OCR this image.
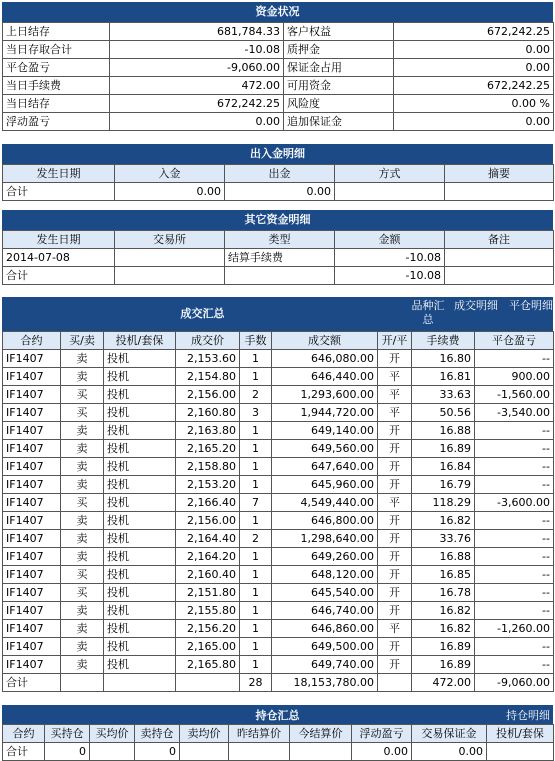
资金状况
上日结存	681,784.33	客户权益	672,242.25
当日存取合计	-10.08	质押金	0.00
平仓盈亏	-9,060.00	保证金占用	0.00
当日手续费	472.00	可用资金	672,242.25
当日结存	672,242.25	风险度	0.00 %
浮动盈亏	0.00	追加保证金	0.00
出入金明细
发生日期	入金	出金	方式	摘要
合计	0.00	0.00		
其它资金明细
发生日期	交易所	类型	金额	备注
2014-07-08		结算手续费	-10.08	
合计			-10.08	
成交汇总
品种汇总
成交明细	平仓明细
合约	买/卖	投机/套保	成交价	手数	成交额	开/平	手续费	平仓盈亏
IF1407	卖	投机	2,153.60	1	646,080.00	开	16.80	--
IF1407	卖	投机	2,154.80	1	646,440.00	平	16.81	900.00
IF1407	买	投机	2,156.00	2	1,293,600.00	平	33.63	-1,560.00
IF1407	买	投机	2,160.80	3	1,944,720.00	平	50.56	-3,540.00
IF1407	卖	投机	2,163.80	1	649,140.00	开	16.88	--
IF1407	卖	投机	2,165.20	1	649,560.00	开	16.89	--
IF1407	卖	投机	2,158.80	1	647,640.00	开	16.84	--
IF1407	卖	投机	2,153.20	1	645,960.00	开	16.79	--
IF1407	买	投机	2,166.40	7	4,549,440.00	平	118.29	-3,600.00
IF1407	卖	投机	2,156.00	1	646,800.00	开	16.82	--
IF1407	卖	投机	2,164.40	2	1,298,640.00	开	33.76	--
IF1407	卖	投机	2,164.20	1	649,260.00	开	16.88	--
IF1407	买	投机	2,160.40	1	648,120.00	开	16.85	--
IF1407	买	投机	2,151.80	1	645,540.00	开	16.78	--
IF1407	卖	投机	2,155.80	1	646,740.00	开	16.82	--
IF1407	卖	投机	2,156.20	1	646,860.00	平	16.82	-1,260.00
IF1407	卖	投机	2,165.00	1	649,500.00	开	16.89	--
IF1407	卖	投机	2,165.80	1	649,740.00	开	16.89	--
合计				28	18,153,780.00		472.00	-9,060.00
持仓汇总	持仓明细
合约	买持仓	买均价	卖持仓	卖均价	昨结算价	今结算价	浮动盈亏	交易保证金	投机/套保
合计	0		0				0.00	0.00	
